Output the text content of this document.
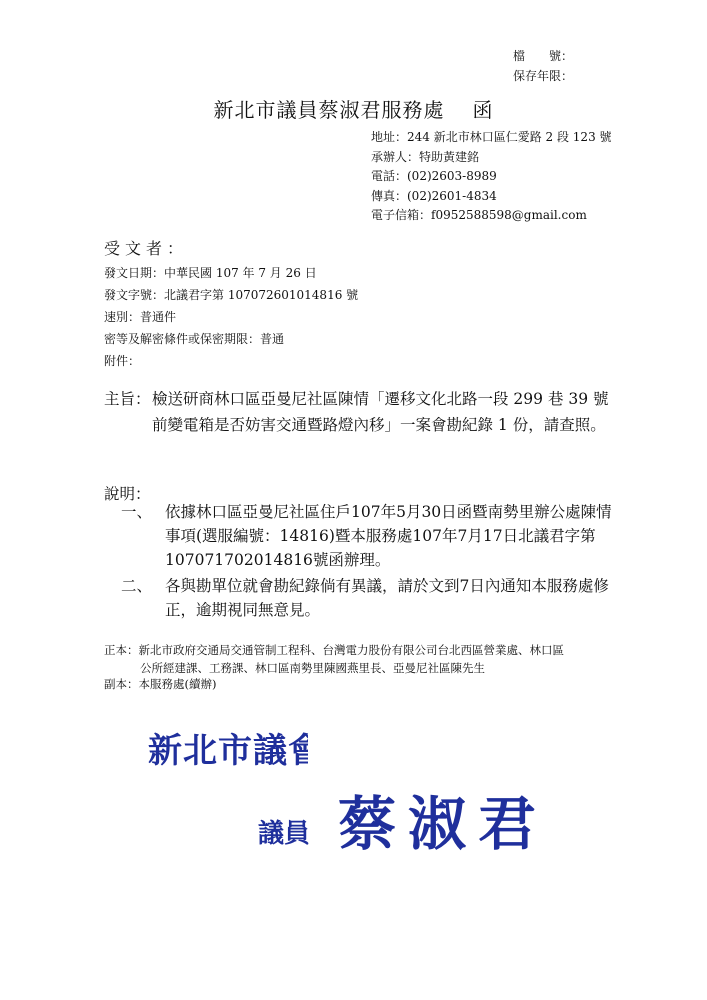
檔　　號：
保存年限：
新北市議員蔡淑君服務處 函
地址：244 新北市林口區仁愛路 2 段 123 號
承辦人：特助黃建銘
電話：(02)2603-8989
傳真：(02)2601-4834
電子信箱：f0952588598@gmail.com
受文者：
發文日期：中華民國 107 年 7 月 26 日
發文字號：北議君字第 107072601014816 號
速別：普通件
密等及解密條件或保密期限：普通
附件：
主旨： 檢送研商林口區亞曼尼社區陳情「遷移文化北路一段 299 巷 39 號前變電箱是否妨害交通暨路燈內移」一案會勘紀錄 1 份，請查照。
說明：
一、 依據林口區亞曼尼社區住戶107年5月30日函暨南勢里辦公處陳情事項(選服編號：14816)暨本服務處107年7月17日北議君字第107071702014816號函辦理。
二、 各與勘單位就會勘紀錄倘有異議，請於文到7日內通知本服務處修正，逾期視同無意見。
正本：新北市政府交通局交通管制工程科、台灣電力股份有限公司台北西區營業處、林口區
公所經建課、工務課、林口區南勢里陳國燕里長、亞曼尼社區陳先生
副本：本服務處(續辦)
新北市議會
議員 蔡淑君
